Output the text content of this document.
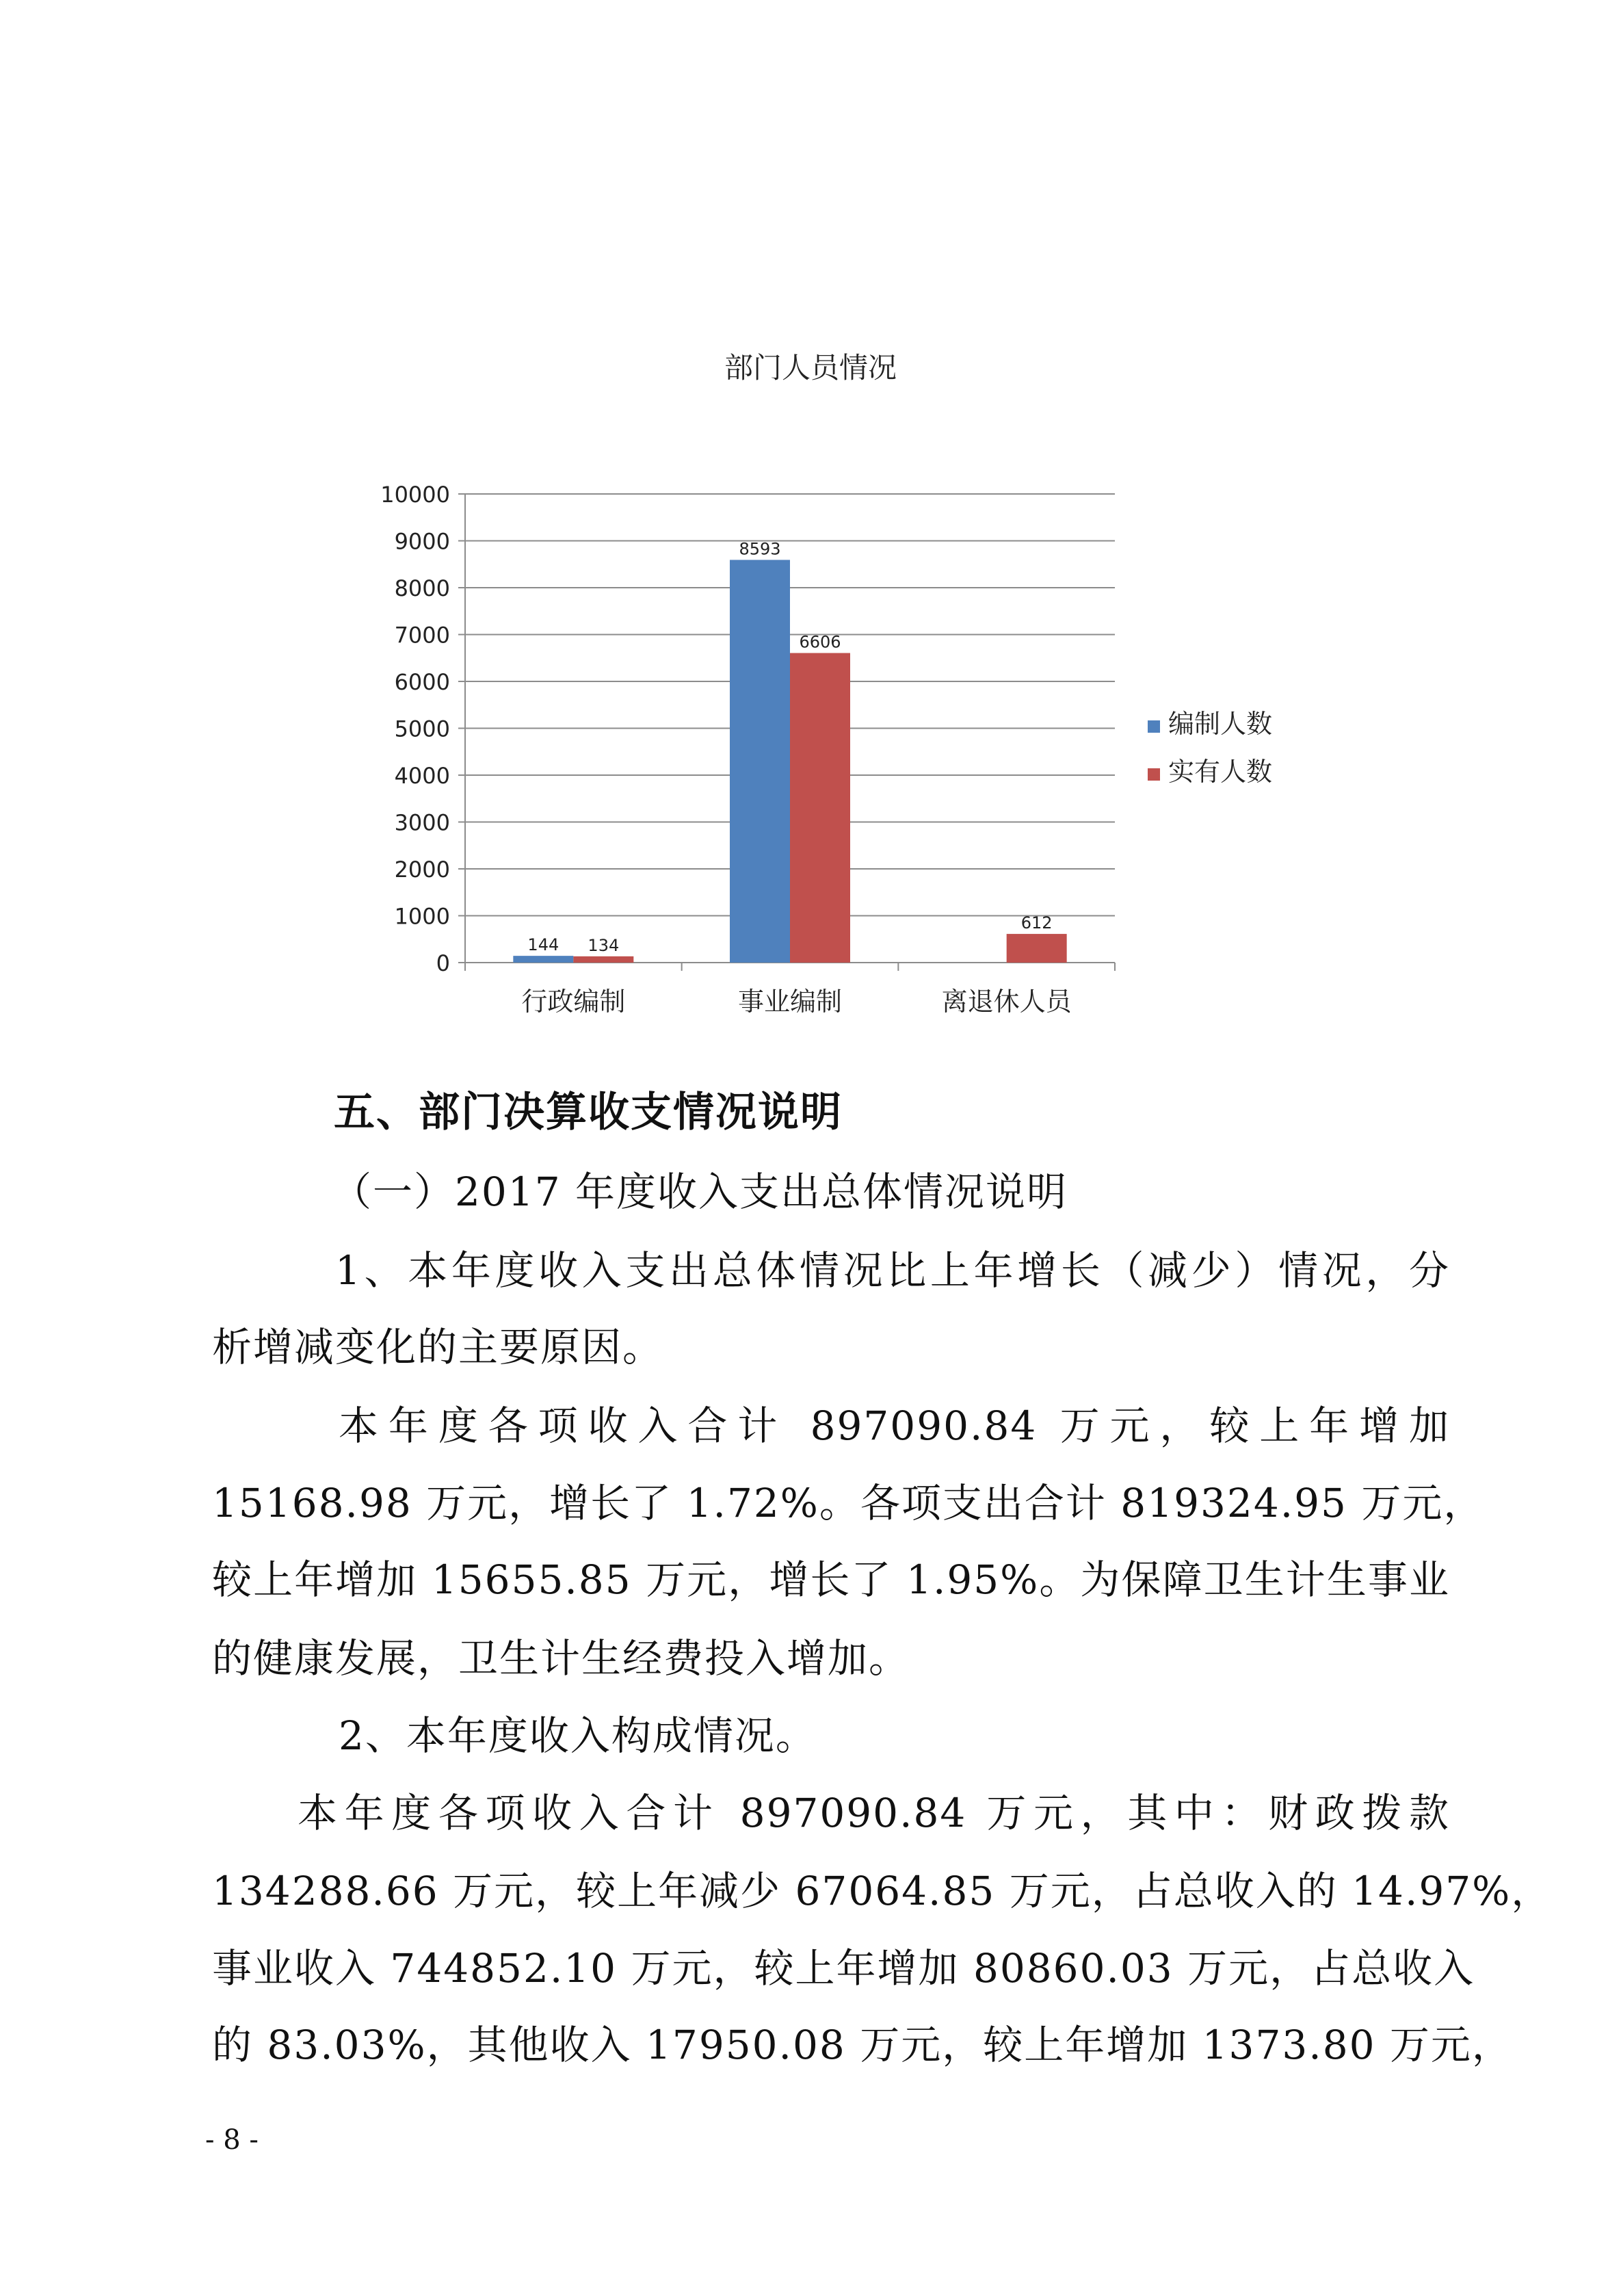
部门人员情况
0
1000
2000
3000
4000
5000
6000
7000
8000
9000
10000
144 134
行政编制
8593
6606
事业编制
612
离退休人员
编制人数
实有人数
五、部门决算收支情况说明
（一）2017 年度收入支出总体情况说明
1、本年度收入支出总体情况比上年增长（减少）情况，分
析增减变化的主要原因。
本年度各项收入合计 897090.84 万元，较上年增加
15168.98 万元，增长了 1.72%。各项支出合计 819324.95 万元，
较上年增加 15655.85 万元，增长了 1.95%。为保障卫生计生事业
的健康发展，卫生计生经费投入增加。
2、本年度收入构成情况。
本年度各项收入合计 897090.84 万元，其中：财政拨款
134288.66 万元，较上年减少 67064.85 万元，占总收入的 14.97%，
事业收入 744852.10 万元，较上年增加 80860.03 万元，占总收入
的 83.03%，其他收入 17950.08 万元，较上年增加 1373.80 万元，
- 8 -
